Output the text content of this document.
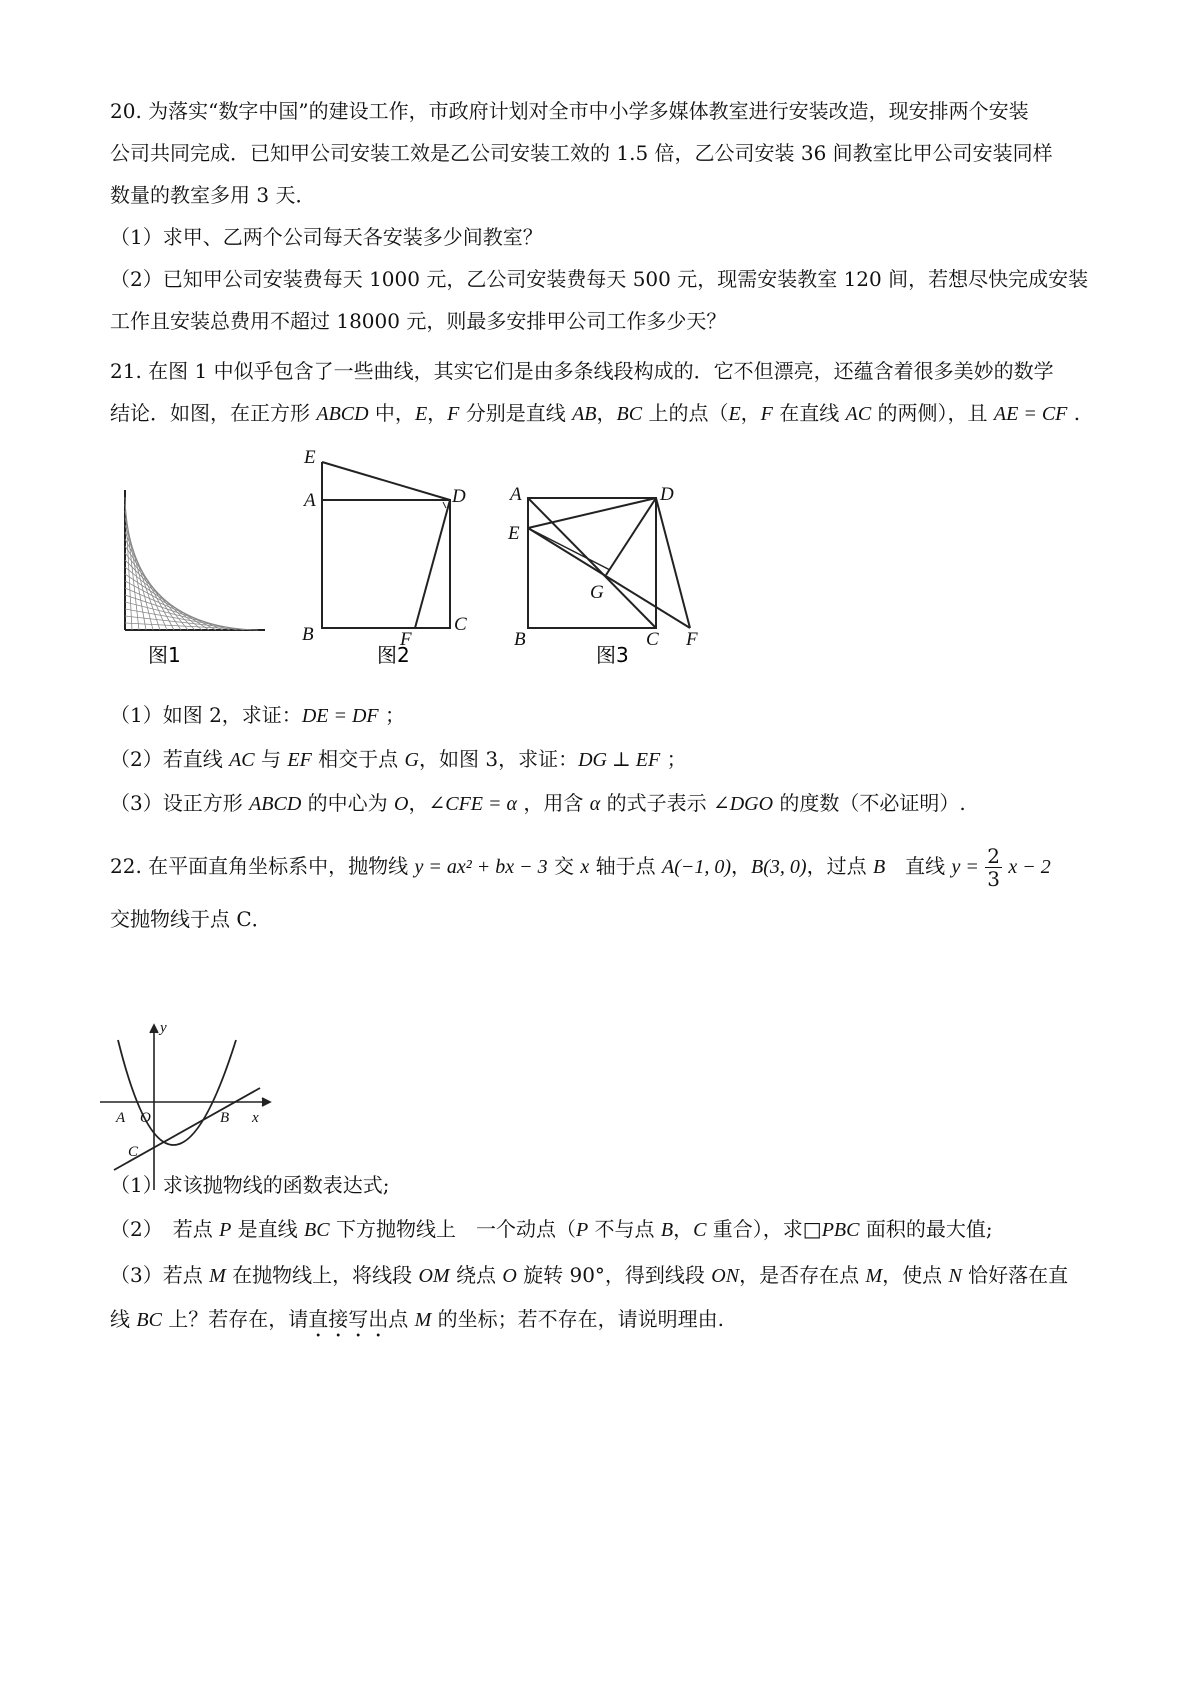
20. 为落实“数字中国”的建设工作，市政府计划对全市中小学多媒体教室进行安装改造，现安排两个安装
公司共同完成．已知甲公司安装工效是乙公司安装工效的 1.5 倍，乙公司安装 36 间教室比甲公司安装同样
数量的教室多用 3 天．
（1）求甲、乙两个公司每天各安装多少间教室？
（2）已知甲公司安装费每天 1000 元，乙公司安装费每天 500 元，现需安装教室 120 间，若想尽快完成安装
工作且安装总费用不超过 18000 元，则最多安排甲公司工作多少天？
21. 在图 1 中似乎包含了一些曲线，其实它们是由多条线段构成的．它不但漂亮，还蕴含着很多美妙的数学
结论．如图，在正方形 ABCD 中，E，F 分别是直线 AB，BC 上的点（E，F 在直线 AC 的两侧），且 AE = CF .
图1
E
A	D
B	F
C
图2
A	D
E
G
B	C F
图3
（1）如图 2，求证：DE = DF ；
（2）若直线 AC 与 EF 相交于点 G，如图 3，求证：DG ⊥ EF ；
（3）设正方形 ABCD 的中心为 O，∠CFE = α ，用含 α 的式子表示 ∠DGO 的度数（不必证明）.
22. 在平面直角坐标系中，抛物线 y = ax² + bx − 3 交 x 轴于点 A(−1, 0)，B(3, 0)，过点 B　直线 $y = \frac{2}{3}$ x − 2
交抛物线于点 C．
y
x
A O	B
C
（1）求该抛物线的函数表达式;
（2）　若点 P 是直线 BC 下方抛物线上　一个动点（P 不与点 B，C 重合），求□PBC 面积的最大值;
（3）若点 M 在抛物线上，将线段 OM 绕点 O 旋转 90°，得到线段 ON，是否存在点 M，使点 N 恰好落在直
线 BC 上？若存在，请直接写出点 M 的坐标；若不存在，请说明理由.
